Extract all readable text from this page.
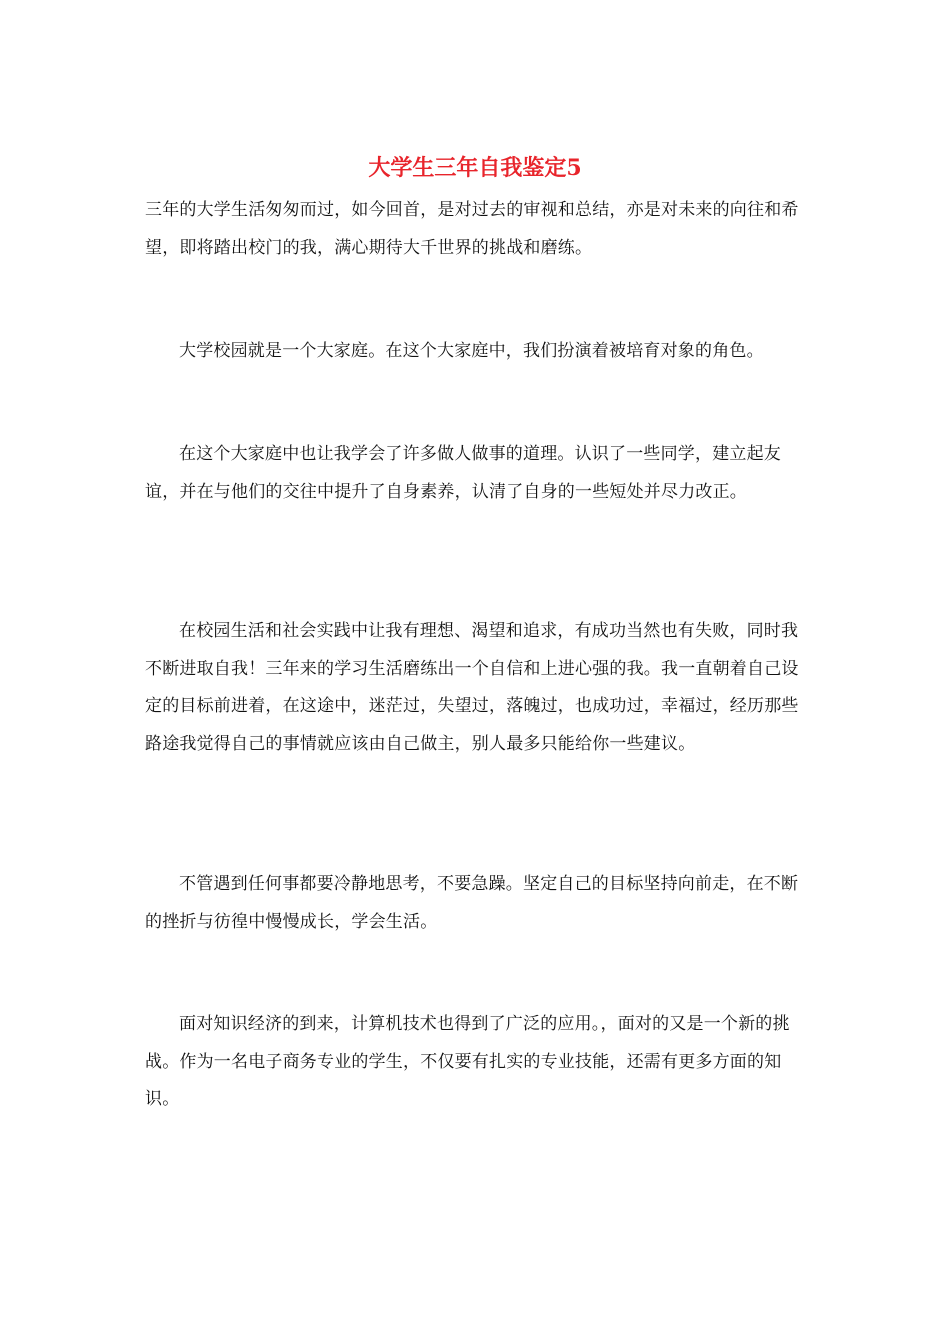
大学生三年自我鉴定5

三年的大学生活匆匆而过，如今回首，是对过去的审视和总结，亦是对未来的向往和希望，即将踏出校门的我，满心期待大千世界的挑战和磨练。

大学校园就是一个大家庭。在这个大家庭中，我们扮演着被培育对象的角色。

在这个大家庭中也让我学会了许多做人做事的道理。认识了一些同学，建立起友谊，并在与他们的交往中提升了自身素养，认清了自身的一些短处并尽力改正。

在校园生活和社会实践中让我有理想、渴望和追求，有成功当然也有失败，同时我不断进取自我！三年来的学习生活磨练出一个自信和上进心强的我。我一直朝着自己设定的目标前进着，在这途中，迷茫过，失望过，落魄过，也成功过，幸福过，经历那些路途我觉得自己的事情就应该由自己做主，别人最多只能给你一些建议。

不管遇到任何事都要冷静地思考，不要急躁。坚定自己的目标坚持向前走，在不断的挫折与彷徨中慢慢成长，学会生活。

面对知识经济的到来，计算机技术也得到了广泛的应用。，面对的又是一个新的挑战。作为一名电子商务专业的学生，不仅要有扎实的专业技能，还需有更多方面的知识。
